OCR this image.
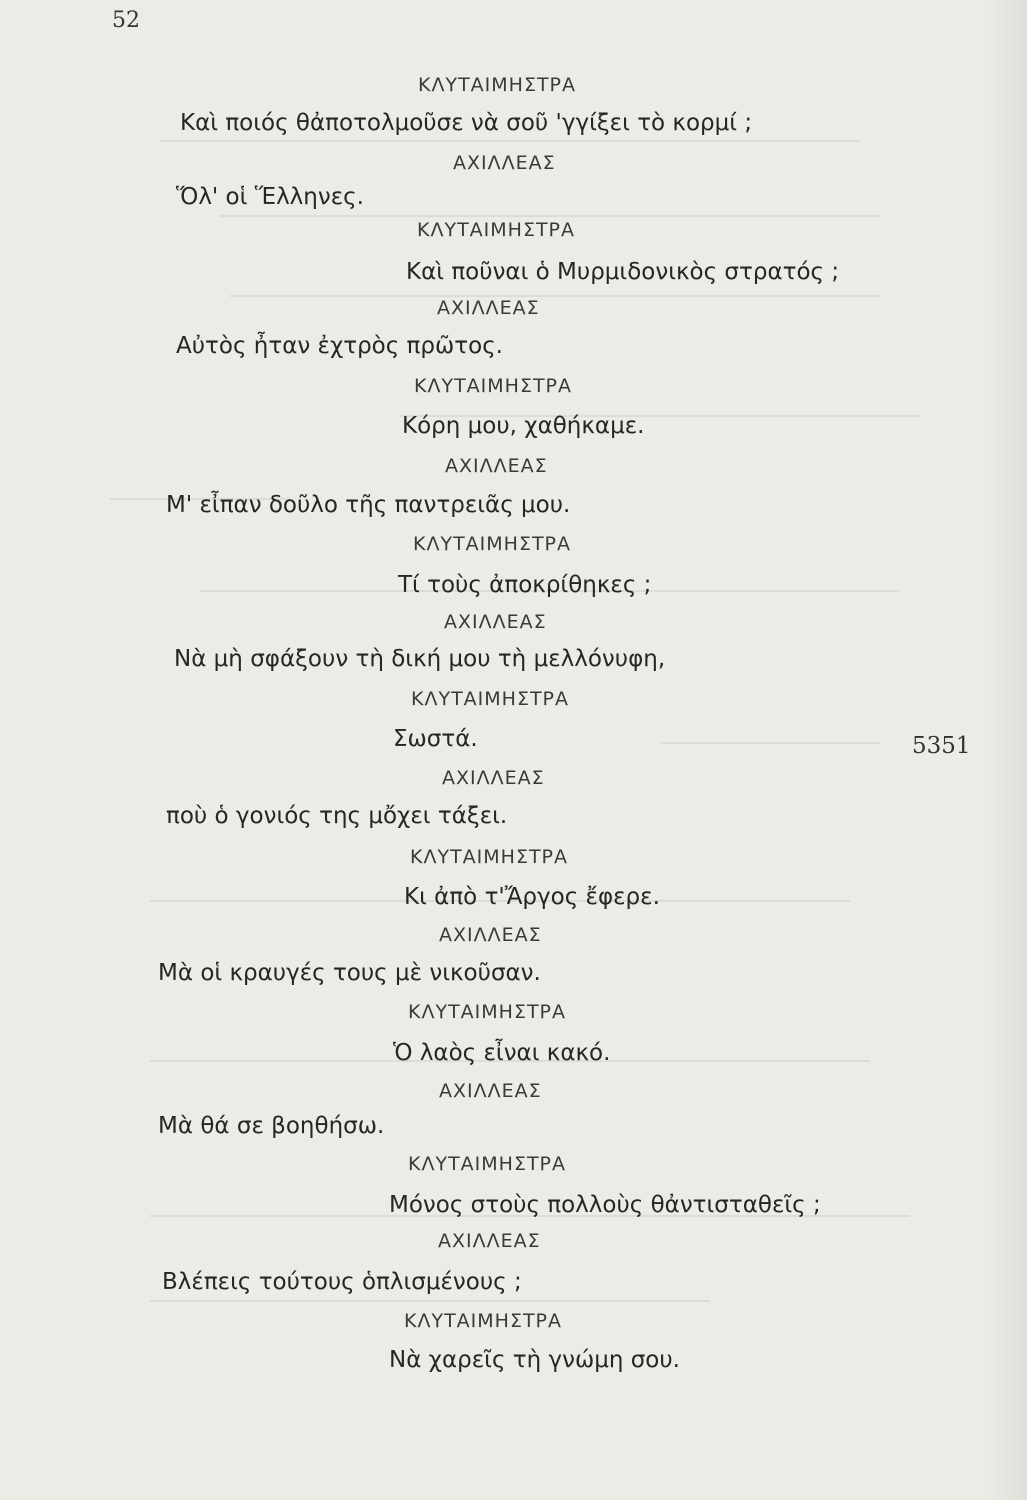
52
5351
ΚΛΥΤΑΙΜΗΣΤΡΑ
Καὶ ποιός θἀποτολμοῦσε νὰ σοῦ 'γγίξει τὸ κορμί ;
ΑΧΙΛΛΕΑΣ
Ὅλ' οἱ Ἕλληνες.
ΚΛΥΤΑΙΜΗΣΤΡΑ
Καὶ ποῦναι ὁ Μυρμιδονικὸς στρατός ;
ΑΧΙΛΛΕΑΣ
Αὐτὸς ἦταν ἐχτρὸς πρῶτος.
ΚΛΥΤΑΙΜΗΣΤΡΑ
Κόρη μου, χαθήκαμε.
ΑΧΙΛΛΕΑΣ
Μ' εἶπαν δοῦλο τῆς παντρειᾶς μου.
ΚΛΥΤΑΙΜΗΣΤΡΑ
Τί τοὺς ἀποκρίθηκες ;
ΑΧΙΛΛΕΑΣ
Νὰ μὴ σφάξουν τὴ δική μου τὴ μελλόνυφη,
ΚΛΥΤΑΙΜΗΣΤΡΑ
Σωστά.
ΑΧΙΛΛΕΑΣ
ποὺ ὁ γονιός της μὄχει τάξει.
ΚΛΥΤΑΙΜΗΣΤΡΑ
Κι ἀπὸ τ'Ἄργος ἔφερε.
ΑΧΙΛΛΕΑΣ
Μὰ οἱ κραυγές τους μὲ νικοῦσαν.
ΚΛΥΤΑΙΜΗΣΤΡΑ
Ὁ λαὸς εἶναι κακό.
ΑΧΙΛΛΕΑΣ
Μὰ θά σε βοηθήσω.
ΚΛΥΤΑΙΜΗΣΤΡΑ
Μόνος στοὺς πολλοὺς θἀντισταθεῖς ;
ΑΧΙΛΛΕΑΣ
Βλέπεις τούτους ὁπλισμένους ;
ΚΛΥΤΑΙΜΗΣΤΡΑ
Νὰ χαρεῖς τὴ γνώμη σου.
